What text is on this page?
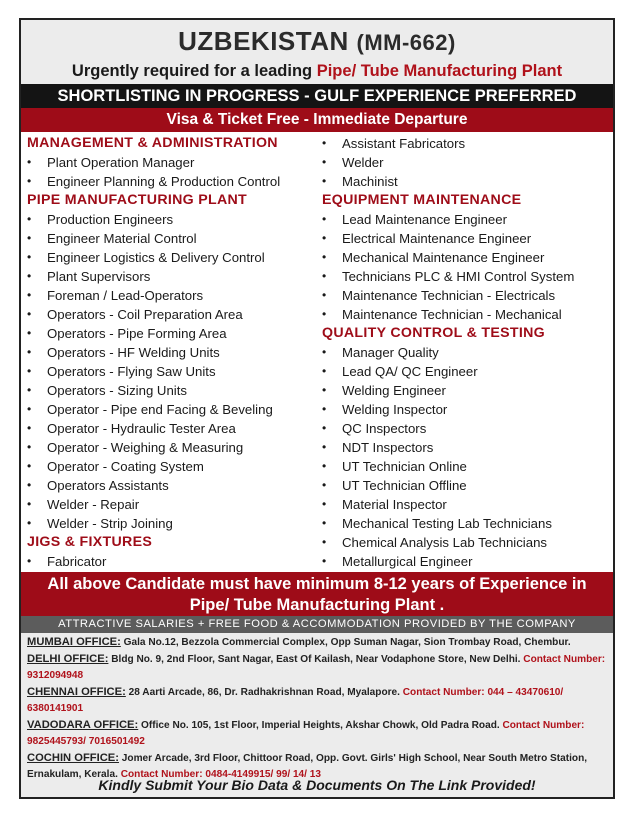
UZBEKISTAN (MM-662)
Urgently required for a leading Pipe/ Tube Manufacturing Plant
SHORTLISTING IN PROGRESS - GULF EXPERIENCE PREFERRED
Visa & Ticket Free - Immediate Departure
MANAGEMENT & ADMINISTRATION
• Plant Operation Manager
• Engineer Planning & Production Control
PIPE MANUFACTURING PLANT
• Production Engineers
• Engineer Material Control
• Engineer Logistics & Delivery Control
• Plant Supervisors
• Foreman / Lead-Operators
• Operators - Coil Preparation Area
• Operators - Pipe Forming Area
• Operators - HF Welding Units
• Operators - Flying Saw Units
• Operators - Sizing Units
• Operator - Pipe end Facing & Beveling
• Operator - Hydraulic Tester Area
• Operator - Weighing & Measuring
• Operator - Coating System
• Operators Assistants
• Welder - Repair
• Welder - Strip Joining
JIGS & FIXTURES
• Fabricator
• Assistant Fabricators
• Welder
• Machinist
EQUIPMENT MAINTENANCE
• Lead Maintenance Engineer
• Electrical Maintenance Engineer
• Mechanical Maintenance Engineer
• Technicians PLC & HMI Control System
• Maintenance Technician - Electricals
• Maintenance Technician - Mechanical
QUALITY CONTROL & TESTING
• Manager Quality
• Lead QA/ QC Engineer
• Welding Engineer
• Welding Inspector
• QC Inspectors
• NDT Inspectors
• UT Technician Online
• UT Technician Offline
• Material Inspector
• Mechanical Testing Lab Technicians
• Chemical Analysis Lab Technicians
• Metallurgical Engineer
All above Candidate must have minimum 8-12 years of Experience in
Pipe/ Tube Manufacturing Plant .
ATTRACTIVE SALARIES + FREE FOOD & ACCOMMODATION PROVIDED BY THE COMPANY
MUMBAI OFFICE: Gala No.12, Bezzola Commercial Complex, Opp Suman Nagar, Sion Trombay Road, Chembur.
DELHI OFFICE: Bldg No. 9, 2nd Floor, Sant Nagar, East Of Kailash, Near Vodaphone Store, New Delhi. Contact Number: 9312094948
CHENNAI OFFICE: 28 Aarti Arcade, 86, Dr. Radhakrishnan Road, Myalapore. Contact Number: 044 – 43470610/ 6380141901
VADODARA OFFICE: Office No. 105, 1st Floor, Imperial Heights, Akshar Chowk, Old Padra Road. Contact Number: 9825445793/ 7016501492
COCHIN OFFICE: Jomer Arcade, 3rd Floor, Chittoor Road, Opp. Govt. Girls' High School, Near South Metro Station, Ernakulam, Kerala. Contact Number: 0484-4149915/ 99/ 14/ 13
Kindly Submit Your Bio Data & Documents On The Link Provided!
